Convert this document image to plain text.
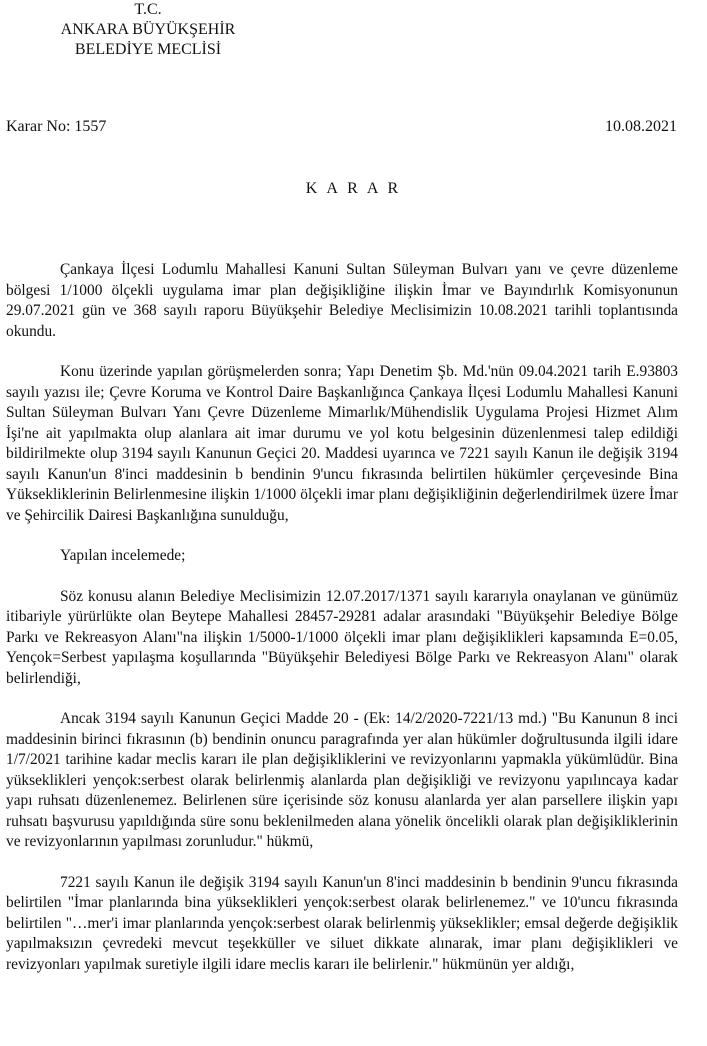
T.C.
ANKARA BÜYÜKŞEHİR
BELEDİYE MECLİSİ
Karar No: 1557	10.08.2021
K A R A R

Çankaya İlçesi Lodumlu Mahallesi Kanuni Sultan Süleyman Bulvarı yanı ve çevre düzenleme bölgesi 1/1000 ölçekli uygulama imar plan değişikliğine ilişkin İmar ve Bayındırlık Komisyonunun 29.07.2021 gün ve 368 sayılı raporu Büyükşehir Belediye Meclisimizin 10.08.2021 tarihli toplantısında okundu.

Konu üzerinde yapılan görüşmelerden sonra; Yapı Denetim Şb. Md.'nün 09.04.2021 tarih E.93803 sayılı yazısı ile; Çevre Koruma ve Kontrol Daire Başkanlığınca Çankaya İlçesi Lodumlu Mahallesi Kanuni Sultan Süleyman Bulvarı Yanı Çevre Düzenleme Mimarlık/Mühendislik Uygulama Projesi Hizmet Alım İşi'ne ait yapılmakta olup alanlara ait imar durumu ve yol kotu belgesinin düzenlenmesi talep edildiği bildirilmekte olup 3194 sayılı Kanunun Geçici 20. Maddesi uyarınca ve 7221 sayılı Kanun ile değişik 3194 sayılı Kanun'un 8'inci maddesinin b bendinin 9'uncu fıkrasında belirtilen hükümler çerçevesinde Bina Yüksekliklerinin Belirlenmesine ilişkin 1/1000 ölçekli imar planı değişikliğinin değerlendirilmek üzere İmar ve Şehircilik Dairesi Başkanlığına sunulduğu,

Yapılan incelemede;

Söz konusu alanın Belediye Meclisimizin 12.07.2017/1371 sayılı kararıyla onaylanan ve günümüz itibariyle yürürlükte olan Beytepe Mahallesi 28457-29281 adalar arasındaki "Büyükşehir Belediye Bölge Parkı ve Rekreasyon Alanı"na ilişkin 1/5000-1/1000 ölçekli imar planı değişiklikleri kapsamında E=0.05, Yençok=Serbest yapılaşma koşullarında "Büyükşehir Belediyesi Bölge Parkı ve Rekreasyon Alanı" olarak belirlendiği,

Ancak 3194 sayılı Kanunun Geçici Madde 20 - (Ek: 14/2/2020-7221/13 md.) "Bu Kanunun 8 inci maddesinin birinci fıkrasının (b) bendinin onuncu paragrafında yer alan hükümler doğrultusunda ilgili idare 1/7/2021 tarihine kadar meclis kararı ile plan değişikliklerini ve revizyonlarını yapmakla yükümlüdür. Bina yükseklikleri yençok:serbest olarak belirlenmiş alanlarda plan değişikliği ve revizyonu yapılıncaya kadar yapı ruhsatı düzenlenemez. Belirlenen süre içerisinde söz konusu alanlarda yer alan parsellere ilişkin yapı ruhsatı başvurusu yapıldığında süre sonu beklenilmeden alana yönelik öncelikli olarak plan değişikliklerinin ve revizyonlarının yapılması zorunludur." hükmü,

7221 sayılı Kanun ile değişik 3194 sayılı Kanun'un 8'inci maddesinin b bendinin 9'uncu fıkrasında belirtilen "İmar planlarında bina yükseklikleri yençok:serbest olarak belirlenemez." ve 10'uncu fıkrasında belirtilen "…mer'i imar planlarında yençok:serbest olarak belirlenmiş yükseklikler; emsal değerde değişiklik yapılmaksızın çevredeki mevcut teşekküller ve siluet dikkate alınarak, imar planı değişiklikleri ve revizyonları yapılmak suretiyle ilgili idare meclis kararı ile belirlenir." hükmünün yer aldığı,
